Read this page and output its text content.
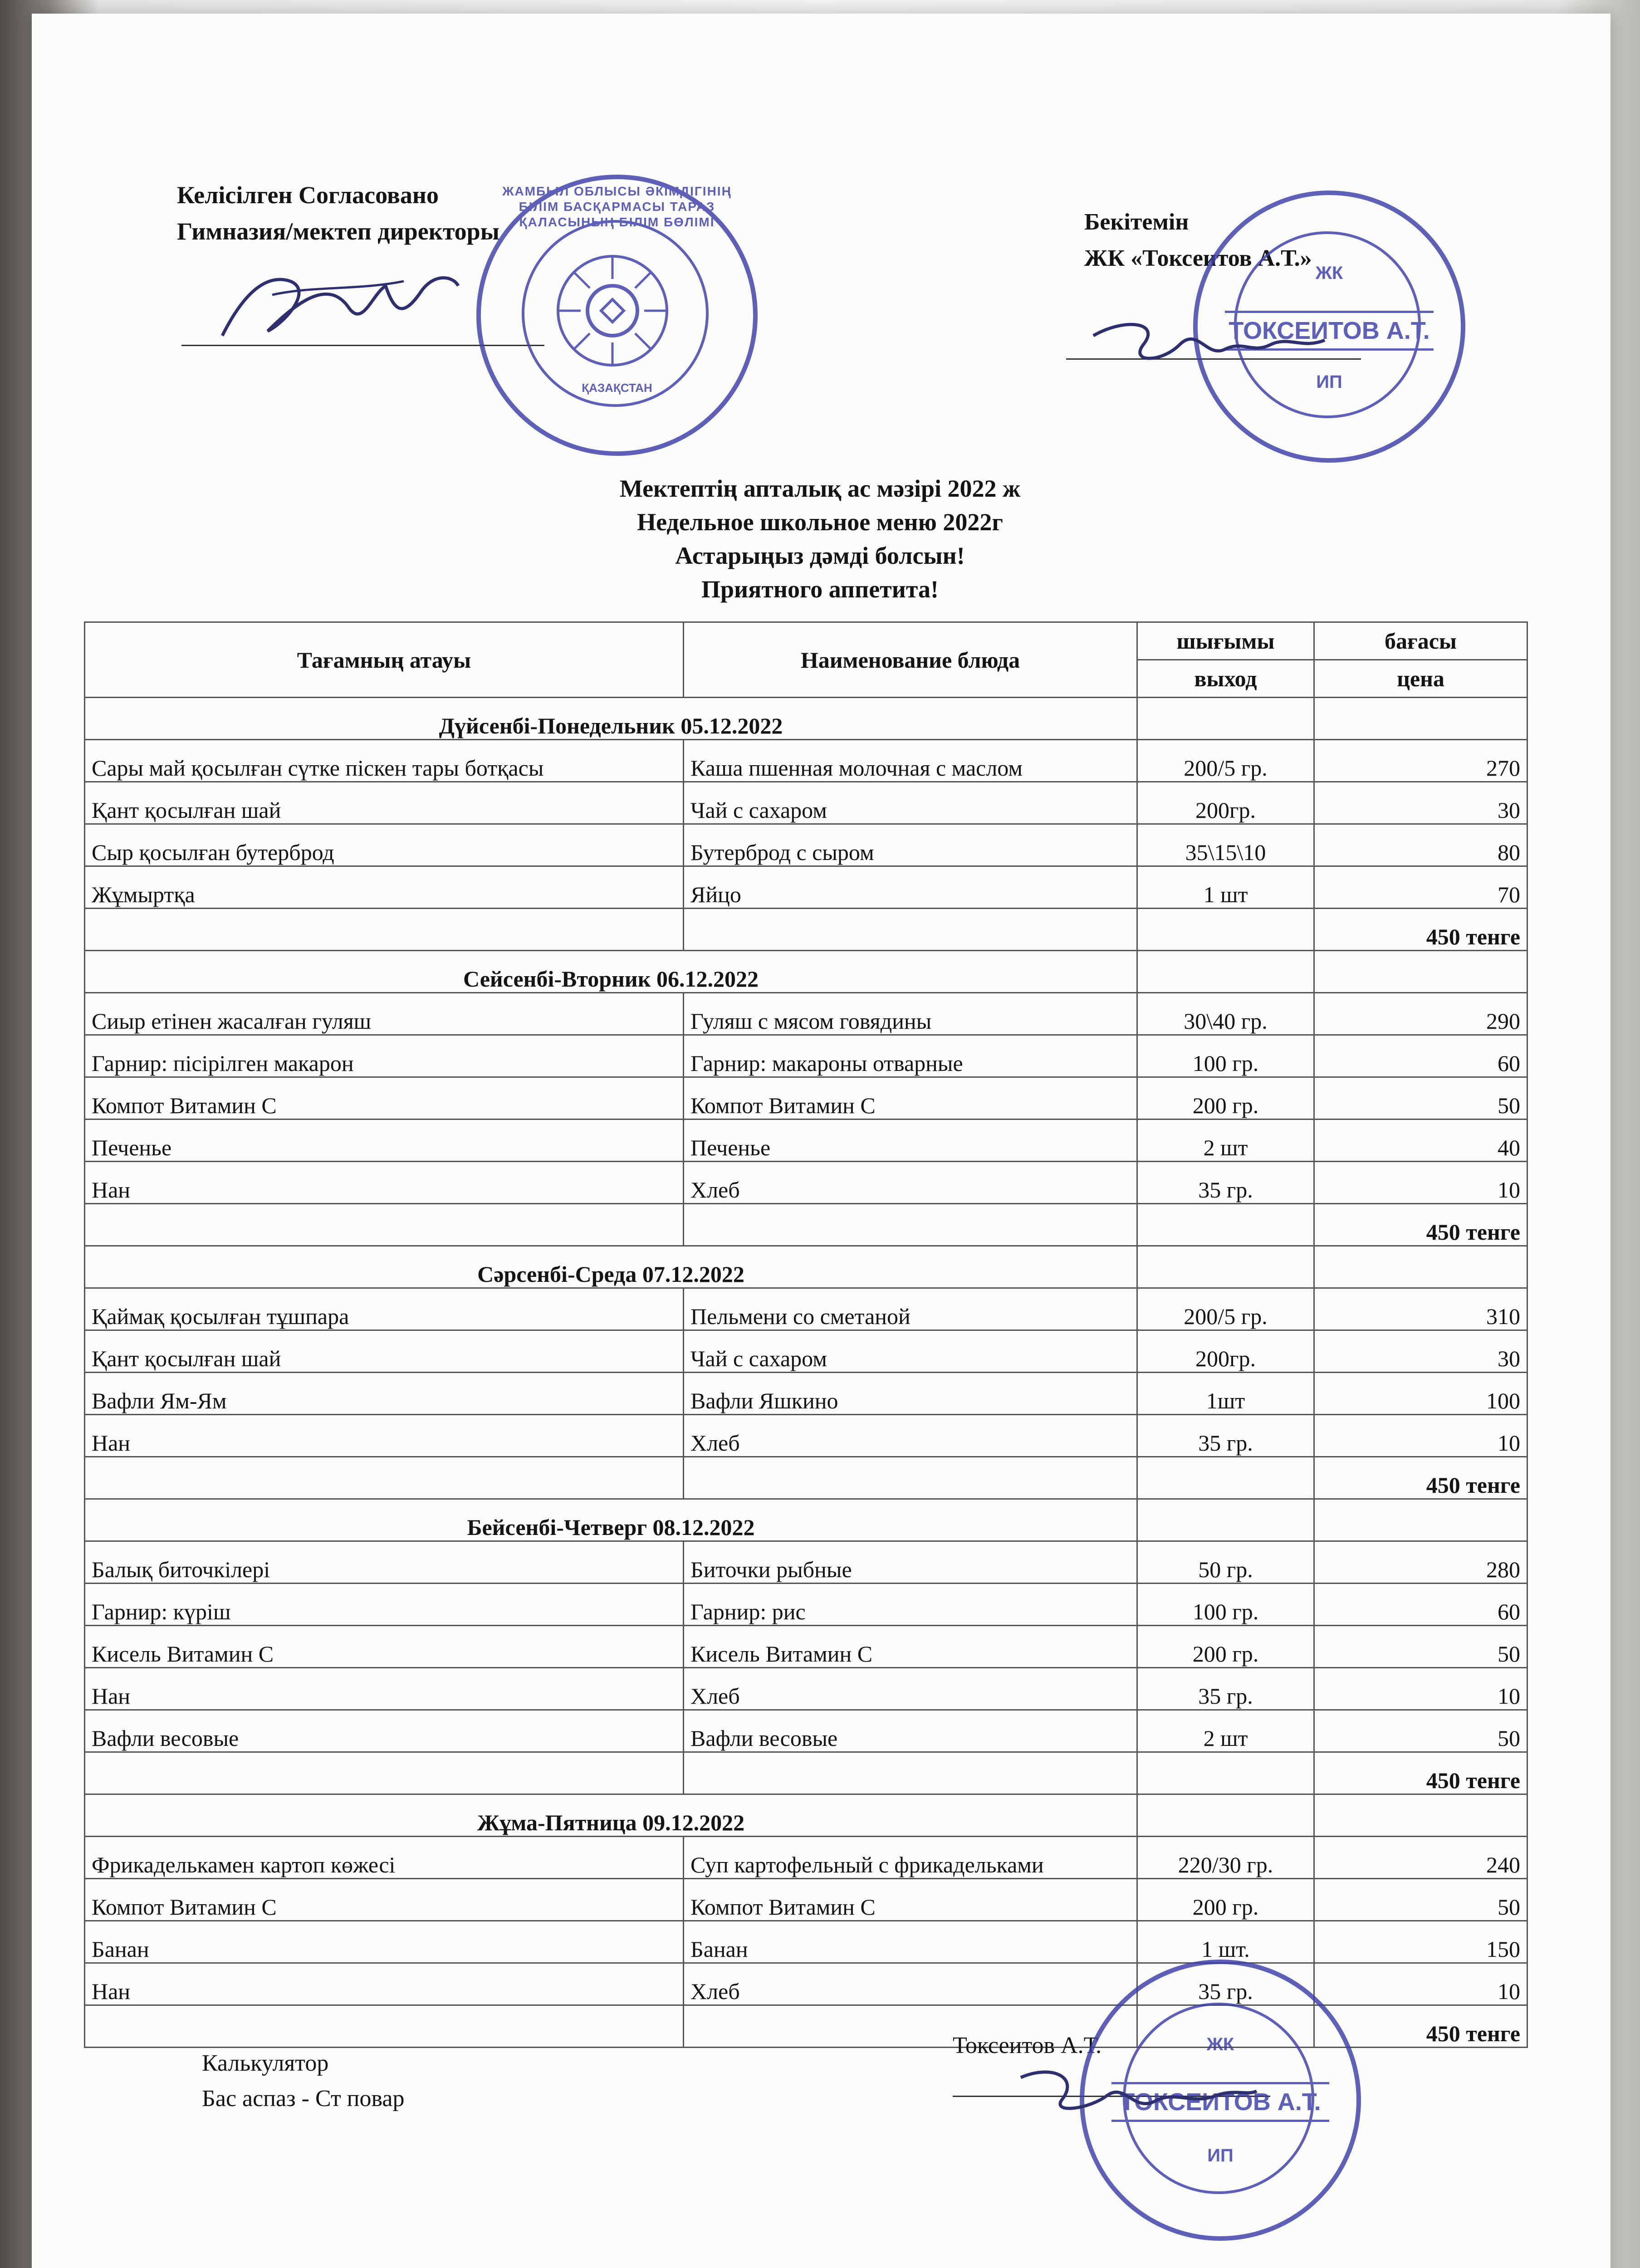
Келісілген Согласовано
Гимназия/мектеп директоры	Бекітемін
ЖК «Токсеитов А.Т.»
ҚАЗАҚСТАН
ЖАМБЫЛ ОБЛЫСЫ ӘКІМДІГІНІҢ БІЛІМ БАСҚАРМАСЫ ТАРАЗ ҚАЛАСЫНЫҢ БІЛІМ БӨЛІМІ
ЖК
ТОКСЕИТОВ А.Т.
ИП
Мектептің апталық ас мәзірі 2022 ж
Недельное школьное меню 2022г
Астарыңыз дәмді болсын!
Приятного аппетита!
Тағамның атауы	Наименование блюда	шығымы	бағасы
		выход	цена
Дүйсенбі-Понедельник 05.12.2022			
Сары май қосылған сүтке піскен тары ботқасы	Каша пшенная молочная с маслом	200/5 гр.	270
Қант қосылған шай	Чай с сахаром	200гр.	30
Сыр қосылған бутерброд	Бутерброд с сыром	35\15\10	80
Жұмыртқа	Яйцо	1 шт	70
			450 тенге
Сейсенбі-Вторник 06.12.2022			
Сиыр етінен жасалған гуляш	Гуляш с мясом говядины	30\40 гр.	290
Гарнир: пісірілген макарон	Гарнир: макароны отварные	100 гр.	60
Компот Витамин С	Компот Витамин С	200 гр.	50
Печенье	Печенье	2 шт	40
Нан	Хлеб	35 гр.	10
			450 тенге
Сәрсенбі-Среда 07.12.2022			
Қаймақ қосылған тұшпара	Пельмени со сметаной	200/5 гр.	310
Қант қосылған шай	Чай с сахаром	200гр.	30
Вафли Ям-Ям	Вафли Яшкино	1шт	100
Нан	Хлеб	35 гр.	10
			450 тенге
Бейсенбі-Четверг 08.12.2022			
Балық биточкілері	Биточки рыбные	50 гр.	280
Гарнир: күріш	Гарнир: рис	100 гр.	60
Кисель Витамин С	Кисель Витамин С	200 гр.	50
Нан	Хлеб	35 гр.	10
Вафли весовые	Вафли весовые	2 шт	50
			450 тенге
Жұма-Пятница 09.12.2022			
Фрикаделькамен картоп көжесі	Суп картофельный с фрикадельками	220/30 гр.	240
Компот Витамин С	Компот Витамин С	200 гр.	50
Банан	Банан	1 шт.	150
Нан	Хлеб	35 гр.	10
			450 тенге
Калькулятор
Бас аспаз - Ст повар
Токсеитов А.Т.	ЖК
ТОКСЕИТОВ А.Т.
ИП
